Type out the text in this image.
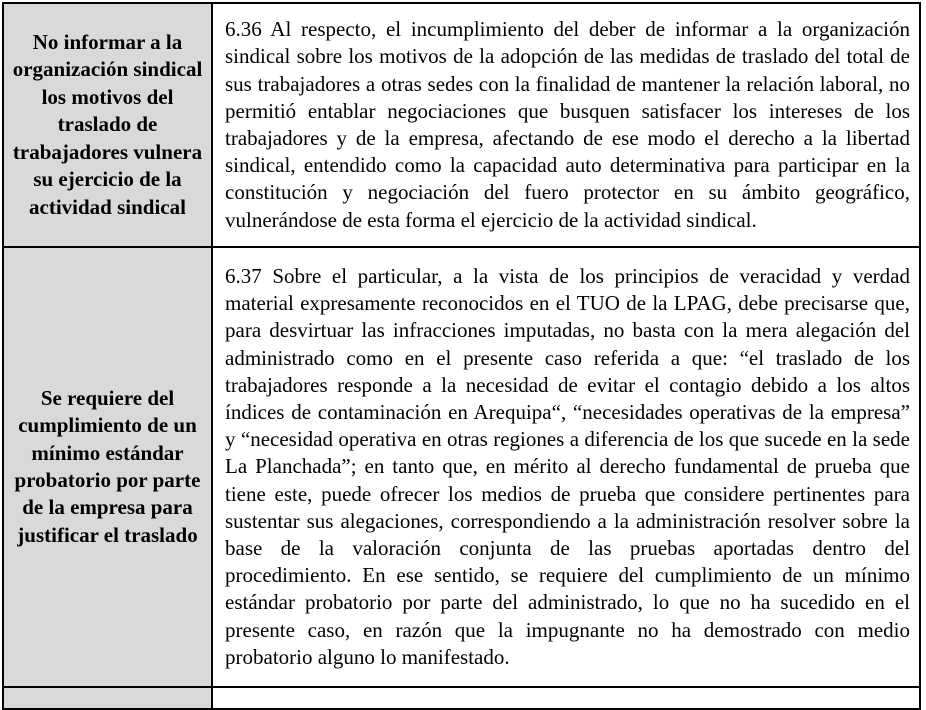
No informar a la organización sindical los motivos del traslado de trabajadores vulnera su ejercicio de la actividad sindical	6.36 Al respecto, el incumplimiento del deber de informar a la organización sindical sobre los motivos de la adopción de las medidas de traslado del total de sus trabajadores a otras sedes con la finalidad de mantener la relación laboral, no permitió entablar negociaciones que busquen satisfacer los intereses de los trabajadores y de la empresa, afectando de ese modo el derecho a la libertad sindical, entendido como la capacidad auto determinativa para participar en la constitución y negociación del fuero protector en su ámbito geográfico, vulnerándose de esta forma el ejercicio de la actividad sindical.

Se requiere del cumplimiento de un mínimo estándar probatorio por parte de la empresa para justificar el traslado	6.37 Sobre el particular, a la vista de los principios de veracidad y verdad material expresamente reconocidos en el TUO de la LPAG, debe precisarse que, para desvirtuar las infracciones imputadas, no basta con la mera alegación del administrado como en el presente caso referida a que: “el traslado de los trabajadores responde a la necesidad de evitar el contagio debido a los altos índices de contaminación en Arequipa“, “necesidades operativas de la empresa” y “necesidad operativa en otras regiones a diferencia de los que sucede en la sede La Planchada”; en tanto que, en mérito al derecho fundamental de prueba que tiene este, puede ofrecer los medios de prueba que considere pertinentes para sustentar sus alegaciones, correspondiendo a la administración resolver sobre la base de la valoración conjunta de las pruebas aportadas dentro del procedimiento. En ese sentido, se requiere del cumplimiento de un mínimo estándar probatorio por parte del administrado, lo que no ha sucedido en el presente caso, en razón que la impugnante no ha demostrado con medio probatorio alguno lo manifestado.
